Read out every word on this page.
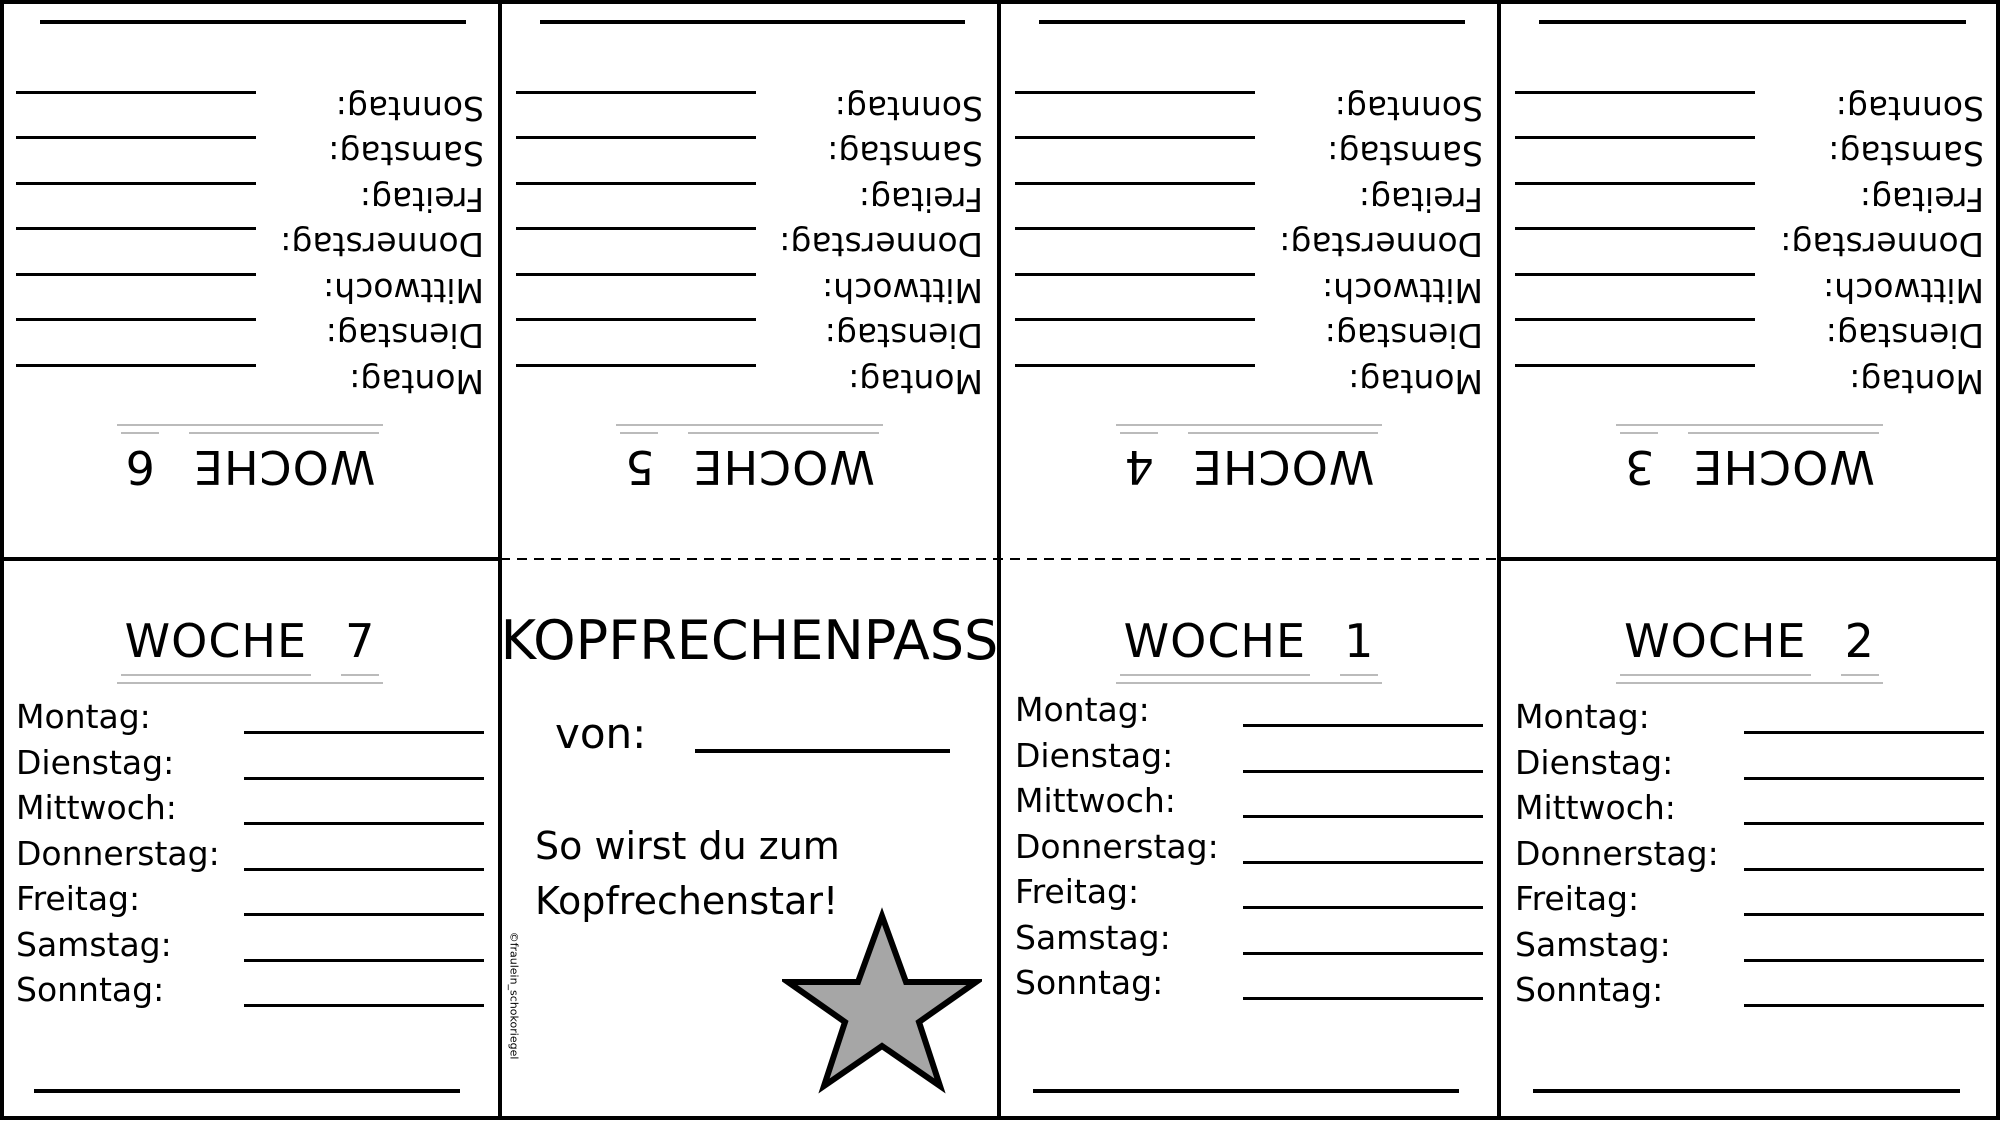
WOCHE6
Montag:
Dienstag:
Mittwoch:
Donnerstag:
Freitag:
Samstag:
Sonntag:
WOCHE5
Montag:
Dienstag:
Mittwoch:
Donnerstag:
Freitag:
Samstag:
Sonntag:
WOCHE4
Montag:
Dienstag:
Mittwoch:
Donnerstag:
Freitag:
Samstag:
Sonntag:
WOCHE3
Montag:
Dienstag:
Mittwoch:
Donnerstag:
Freitag:
Samstag:
Sonntag:
WOCHE 7
Montag:
Dienstag:
Mittwoch:
Donnerstag:
Freitag:
Samstag:
Sonntag:
KOPFRECHENPASS
von:
So wirst du zum
Kopfrechenstar!
©fraulein_schokoriegel
WOCHE 1
Montag:
Dienstag:
Mittwoch:
Donnerstag:
Freitag:
Samstag:
Sonntag:
WOCHE 2
Montag:
Dienstag:
Mittwoch:
Donnerstag:
Freitag:
Samstag:
Sonntag:
